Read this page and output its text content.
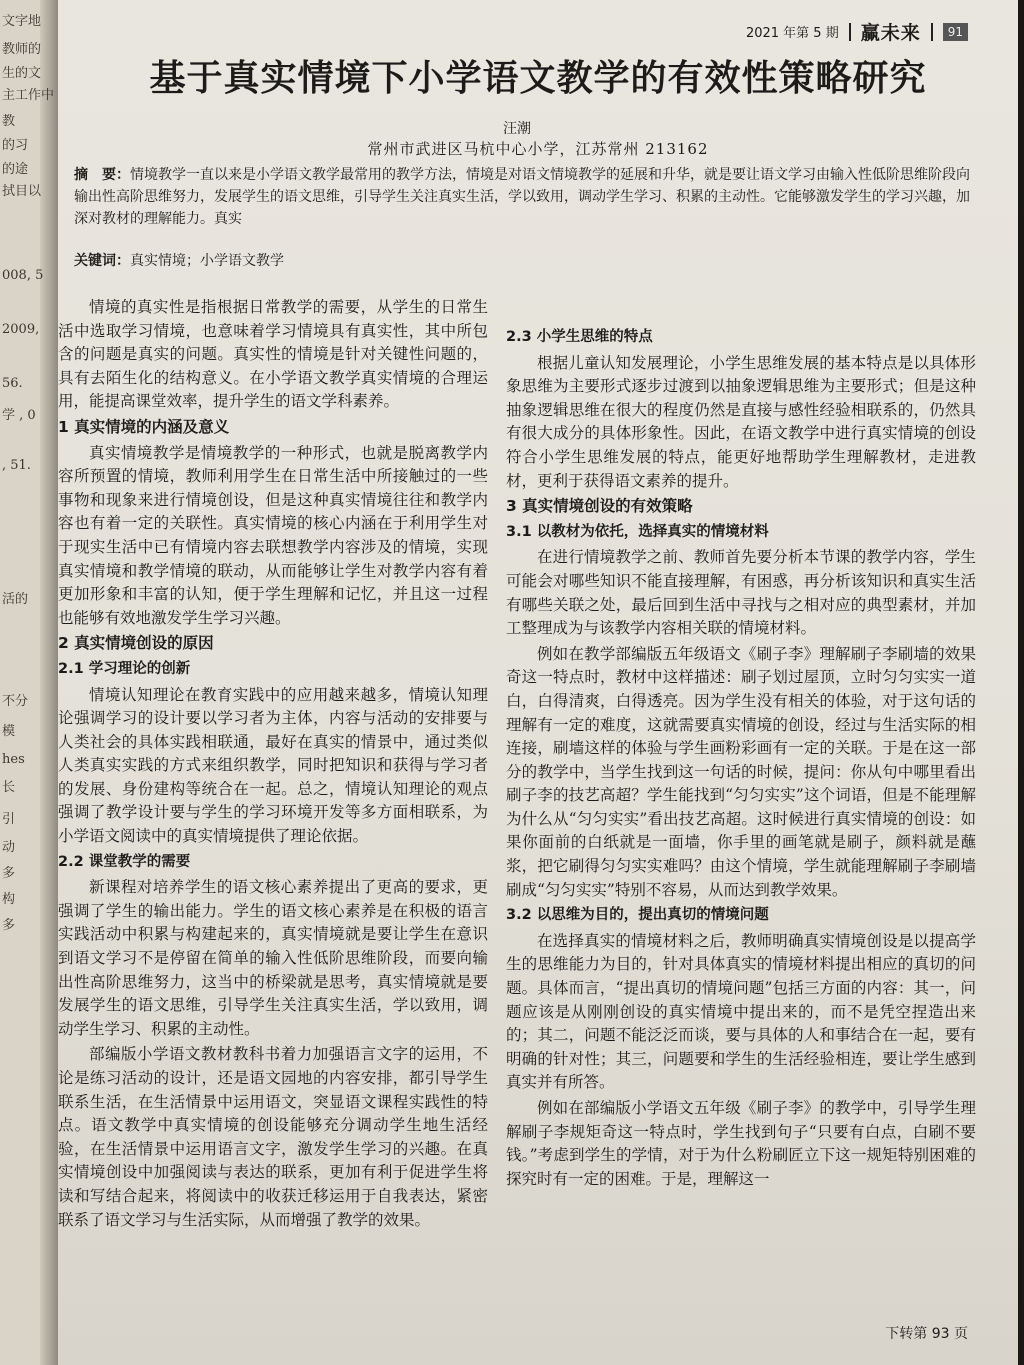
文字地
教师的
生的文
主工作中
教
的习
的途
拭目以
008, 5
2009,
56.
学 , 0
, 51.
活的
不分
模
hes
长
引
动
多
构
多
2021 年第 5 期 赢未来	91
基于真实情境下小学语文教学的有效性策略研究
汪潮
常州市武进区马杭中心小学，江苏常州 213162
摘　要：情境教学一直以来是小学语文教学最常用的教学方法，情境是对语文情境教学的延展和升华，就是要让语文学习由输入性低阶思维阶段向输出性高阶思维努力，发展学生的语文思维，引导学生关注真实生活，学以致用，调动学生学习、积累的主动性。它能够激发学生的学习兴趣，加深对教材的理解能力。真实
关键词：真实情境；小学语文教学

情境的真实性是指根据日常教学的需要，从学生的日常生活中选取学习情境，也意味着学习情境具有真实性，其中所包含的问题是真实的问题。真实性的情境是针对关键性问题的，具有去陌生化的结构意义。在小学语文教学真实情境的合理运用，能提高课堂效率，提升学生的语文学科素养。

1 真实情境的内涵及意义

真实情境教学是情境教学的一种形式，也就是脱离教学内容所预置的情境，教师利用学生在日常生活中所接触过的一些事物和现象来进行情境创设，但是这种真实情境往往和教学内容也有着一定的关联性。真实情境的核心内涵在于利用学生对于现实生活中已有情境内容去联想教学内容涉及的情境，实现真实情境和教学情境的联动，从而能够让学生对教学内容有着更加形象和丰富的认知，便于学生理解和记忆，并且这一过程也能够有效地激发学生学习兴趣。

2 真实情境创设的原因
2.1 学习理论的创新

情境认知理论在教育实践中的应用越来越多，情境认知理论强调学习的设计要以学习者为主体，内容与活动的安排要与人类社会的具体实践相联通，最好在真实的情景中，通过类似人类真实实践的方式来组织教学，同时把知识和获得与学习者的发展、身份建构等统合在一起。总之，情境认知理论的观点强调了教学设计要与学生的学习环境开发等多方面相联系，为小学语文阅读中的真实情境提供了理论依据。

2.2 课堂教学的需要

新课程对培养学生的语文核心素养提出了更高的要求，更强调了学生的输出能力。学生的语文核心素养是在积极的语言实践活动中积累与构建起来的，真实情境就是要让学生在意识到语文学习不是停留在简单的输入性低阶思维阶段，而要向输出性高阶思维努力，这当中的桥梁就是思考，真实情境就是要发展学生的语文思维，引导学生关注真实生活，学以致用，调动学生学习、积累的主动性。

部编版小学语文教材教科书着力加强语言文字的运用，不论是练习活动的设计，还是语文园地的内容安排，都引导学生联系生活，在生活情景中运用语文，突显语文课程实践性的特点。语文教学中真实情境的创设能够充分调动学生地生活经验，在生活情景中运用语言文字，激发学生学习的兴趣。在真实情境创设中加强阅读与表达的联系，更加有利于促进学生将读和写结合起来，将阅读中的收获迁移运用于自我表达，紧密联系了语文学习与生活实际，从而增强了教学的效果。

2.3 小学生思维的特点

根据儿童认知发展理论，小学生思维发展的基本特点是以具体形象思维为主要形式逐步过渡到以抽象逻辑思维为主要形式；但是这种抽象逻辑思维在很大的程度仍然是直接与感性经验相联系的，仍然具有很大成分的具体形象性。因此，在语文教学中进行真实情境的创设符合小学生思维发展的特点，能更好地帮助学生理解教材，走进教材，更利于获得语文素养的提升。

3 真实情境创设的有效策略
3.1 以教材为依托，选择真实的情境材料

在进行情境教学之前、教师首先要分析本节课的教学内容，学生可能会对哪些知识不能直接理解，有困惑，再分析该知识和真实生活有哪些关联之处，最后回到生活中寻找与之相对应的典型素材，并加工整理成为与该教学内容相关联的情境材料。

例如在教学部编版五年级语文《刷子李》理解刷子李刷墙的效果奇这一特点时，教材中这样描述：刷子划过屋顶，立时匀匀实实一道白，白得清爽，白得透亮。因为学生没有相关的体验，对于这句话的理解有一定的难度，这就需要真实情境的创设，经过与生活实际的相连接，刷墙这样的体验与学生画粉彩画有一定的关联。于是在这一部分的教学中，当学生找到这一句话的时候，提问：你从句中哪里看出刷子李的技艺高超？学生能找到“匀匀实实”这个词语，但是不能理解为什么从“匀匀实实”看出技艺高超。这时候进行真实情境的创设：如果你面前的白纸就是一面墙，你手里的画笔就是刷子，颜料就是蘸浆，把它刷得匀匀实实难吗？由这个情境，学生就能理解刷子李刷墙刷成“匀匀实实”特别不容易，从而达到教学效果。

3.2 以思维为目的，提出真切的情境问题

在选择真实的情境材料之后，教师明确真实情境创设是以提高学生的思维能力为目的，针对具体真实的情境材料提出相应的真切的问题。具体而言，“提出真切的情境问题”包括三方面的内容：其一，问题应该是从刚刚创设的真实情境中提出来的，而不是凭空捏造出来的；其二，问题不能泛泛而谈，要与具体的人和事结合在一起，要有明确的针对性；其三，问题要和学生的生活经验相连，要让学生感到真实并有所答。

例如在部编版小学语文五年级《刷子李》的教学中，引导学生理解刷子李规矩奇这一特点时，学生找到句子“只要有白点，白刷不要钱。”考虑到学生的学情，对于为什么粉刷匠立下这一规矩特别困难的探究时有一定的困难。于是，理解这一

下转第 93 页
